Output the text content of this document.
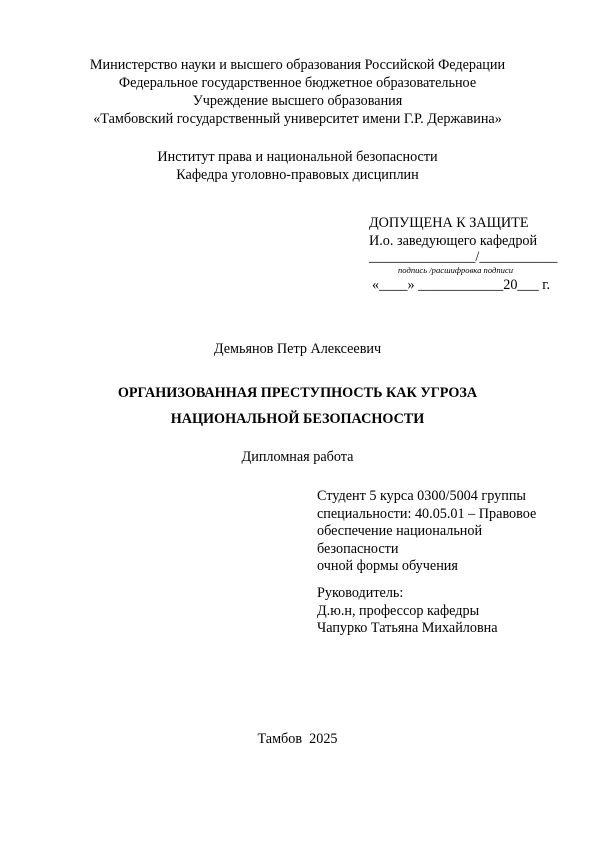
Министерство науки и высшего образования Российской Федерации
Федеральное государственное бюджетное образовательное
Учреждение высшего образования
«Тамбовский государственный университет имени Г.Р. Державина»
Институт права и национальной безопасности
Кафедра уголовно-правовых дисциплин
ДОПУЩЕНА К ЗАЩИТЕ
И.о. заведующего кафедрой
_______________/___________
подпись /расшифровка подписи
«____» ____________20___ г.
Демьянов Петр Алексеевич
ОРГАНИЗОВАННАЯ ПРЕСТУПНОСТЬ КАК УГРОЗА
НАЦИОНАЛЬНОЙ БЕЗОПАСНОСТИ
Дипломная работа
Студент 5 курса 0300/5004 группы
специальности: 40.05.01 – Правовое
обеспечение национальной
безопасности
очной формы обучения
Руководитель:
Д.ю.н, профессор кафедры
Чапурко Татьяна Михайловна
Тамбов  2025
